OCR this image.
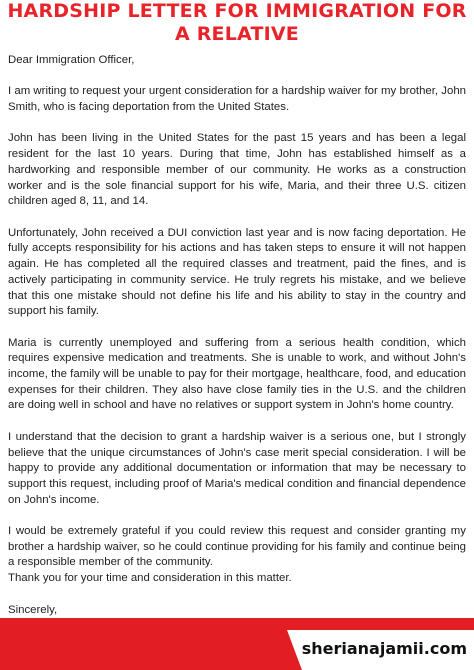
HARDSHIP LETTER FOR IMMIGRATION FOR
A RELATIVE

Dear Immigration Officer,

I am writing to request your urgent consideration for a hardship waiver for my brother, John Smith, who is facing deportation from the United States.

John has been living in the United States for the past 15 years and has been a legal resident for the last 10 years. During that time, John has established himself as a hardworking and responsible member of our community. He works as a construction worker and is the sole financial support for his wife, Maria, and their three U.S. citizen children aged 8, 11, and 14.

Unfortunately, John received a DUI conviction last year and is now facing deportation. He fully accepts responsibility for his actions and has taken steps to ensure it will not happen again. He has completed all the required classes and treatment, paid the fines, and is actively participating in community service. He truly regrets his mistake, and we believe that this one mistake should not define his life and his ability to stay in the country and support his family.

Maria is currently unemployed and suffering from a serious health condition, which requires expensive medication and treatments. She is unable to work, and without John's income, the family will be unable to pay for their mortgage, healthcare, food, and education expenses for their children. They also have close family ties in the U.S. and the children are doing well in school and have no relatives or support system in John's home country.

I understand that the decision to grant a hardship waiver is a serious one, but I strongly believe that the unique circumstances of John's case merit special consideration. I will be happy to provide any additional documentation or information that may be necessary to support this request, including proof of Maria's medical condition and financial dependence on John's income.

I would be extremely grateful if you could review this request and consider granting my brother a hardship waiver, so he could continue providing for his family and continue being a responsible member of the community.

Thank you for your time and consideration in this matter.

Sincerely,

sherianajamii.com
